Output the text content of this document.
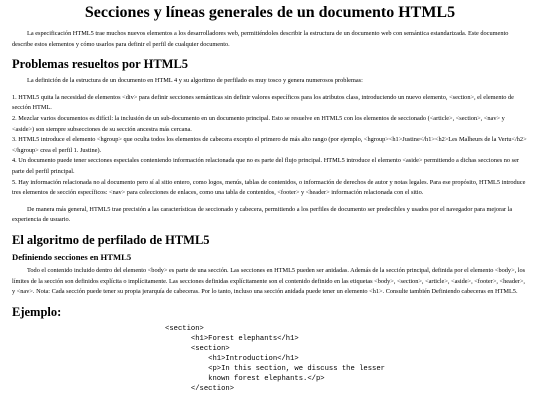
Secciones y líneas generales de un documento HTML5

La especificación HTML5 trae muchos nuevos elementos a los desarrolladores web, permitiéndoles describir la estructura de un documento web con semántica estandarizada. Este documento describe estos elementos y cómo usarlos para definir el perfil de cualquier documento.

Problemas resueltos por HTML5

La definición de la estructura de un documento en HTML 4 y su algoritmo de perfilado es muy tosco y genera numerosos problemas:

1. HTML5 quita la necesidad de elementos <div> para definir secciones semánticas sin definir valores específicos para los atributos class, introduciendo un nuevo elemento, <section>, el elemento de sección HTML.
2. Mezclar varios documentos es difícil: la inclusión de un sub-documento en un documento principal. Esto se resuelve en HTML5 con los elementos de seccionado (<article>, <section>, <nav> y <aside>) son siempre subsecciones de su sección ancestra más cercana.
3. HTML5 introduce el elemento <hgroup> que oculta todos los elementos de cabecera excepto el primero de más alto rango (por ejemplo, <hgroup><h1>Justine</h1><h2>Les Malheurs de la Vertu</h2></hgroup> crea el perfil 1. Justine).
4. Un documento puede tener secciones especiales conteniendo información relacionada que no es parte del flujo principal. HTML5 introduce el elemento <aside> permitiendo a dichas secciones no ser parte del perfil principal.
5. Hay información relacionada no al documento pero sí al sitio entero, como logos, menús, tablas de contenidos, o información de derechos de autor y notas legales. Para ese propósito, HTML5 introduce tres elementos de sección específicos: <nav> para colecciones de enlaces, como una tabla de contenidos, <footer> y <header> información relacionada con el sitio.

De manera más general, HTML5 trae precisión a las características de seccionado y cabecera, permitiendo a los perfiles de documento ser predecibles y usados por el navegador para mejorar la experiencia de usuario.

El algoritmo de perfilado de HTML5
Definiendo secciones en HTML5

Todo el contenido incluido dentro del elemento <body> es parte de una sección. Las secciones en HTML5 pueden ser anidadas. Además de la sección principal, definida por el elemento <body>, los límites de la sección son definidos explícita o implícitamente. Las secciones definidas explícitamente son el contenido definido en las etiquetas <body>, <section>, <article>, <aside>, <footer>, <header>, y <nav>. Nota: Cada sección puede tener su propia jerarquía de cabeceras. Por lo tanto, incluso una sección anidada puede tener un elemento <h1>. Consulte también Definiendo cabeceras en HTML5.

Ejemplo:
<section>
<h1>Forest elephants</h1>
<section>
<h1>Introduction</h1>
<p>In this section, we discuss the lesser
known forest elephants.</p>
</section>
